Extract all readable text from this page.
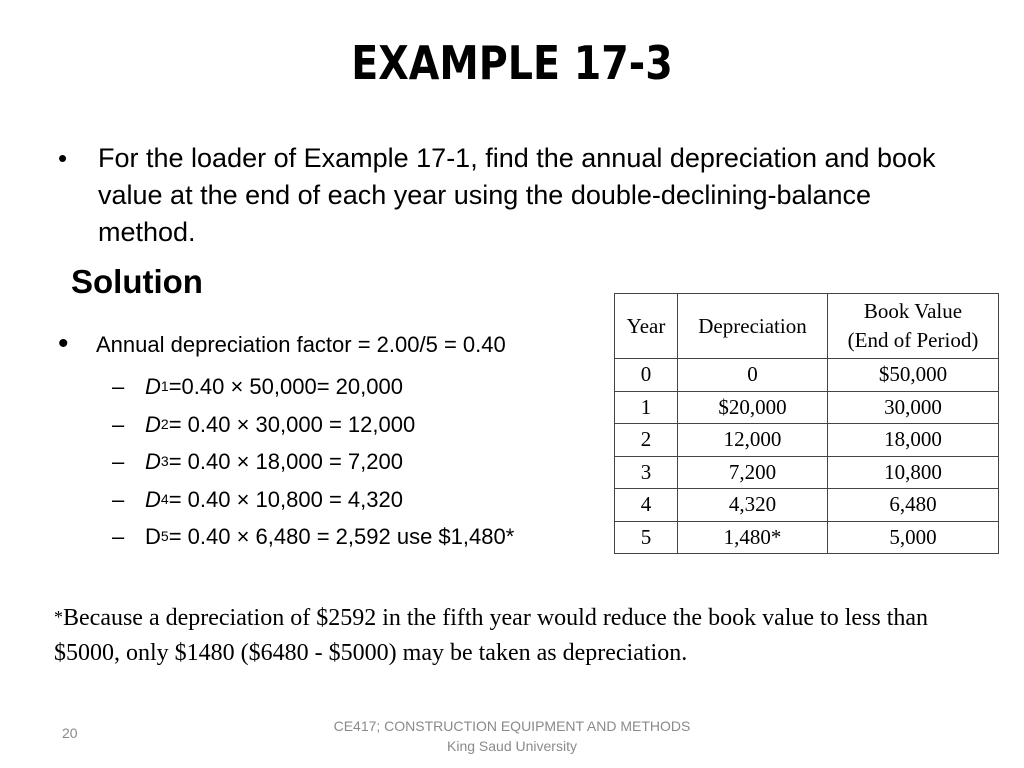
EXAMPLE 17-3
•	For the loader of Example 17-1, find the annual depreciation and book value at the end of each year using the double-declining-balance method.
Solution
•	Annual depreciation factor = 2.00/5 = 0.40
– D 1 =0.40 × 50,000= 20,000
– D 2 = 0.40 × 30,000 = 12,000
– D 3 = 0.40 × 18,000 = 7,200
– D 4 = 0.40 × 10,800 = 4,320
– D 5 = 0.40 × 6,480 = 2,592 use $1,480*
Year	Depreciation	Book Value
(End of Period)

0	0	$50,000
1	$20,000	30,000
2	12,000	18,000
3	7,200	10,800
4	4,320	6,480
5	1,480*	5,000
*Because a depreciation of $2592 in the fifth year would reduce the book value to less than $5000, only $1480 ($6480 - $5000) may be taken as depreciation.
20	CE417; CONSTRUCTION EQUIPMENT AND METHODS
King Saud University
